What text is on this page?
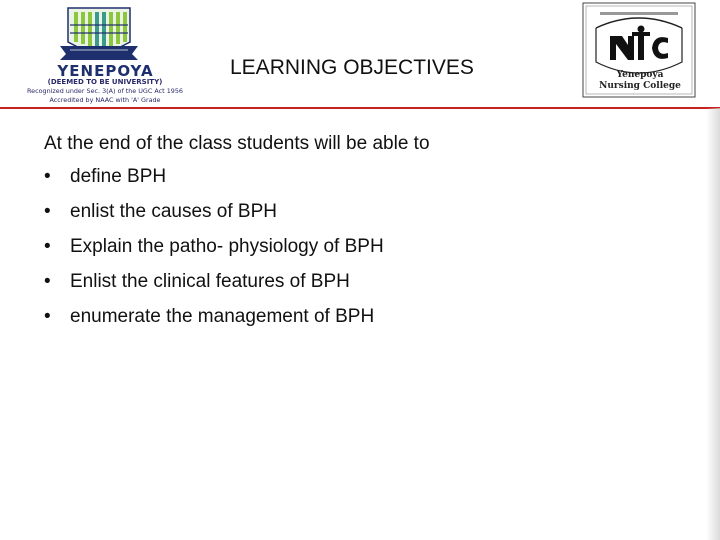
YENEPOYA
(DEEMED TO BE UNIVERSITY)
Recognized under Sec. 3(A) of the UGC Act 1956
Accredited by NAAC with 'A' Grade
LEARNING OBJECTIVES	Yenepoya
Nursing College
At the end of the class students will be able to
• define BPH
• enlist the causes of BPH
• Explain the patho- physiology of BPH
• Enlist the clinical features of BPH
• enumerate the management of BPH
